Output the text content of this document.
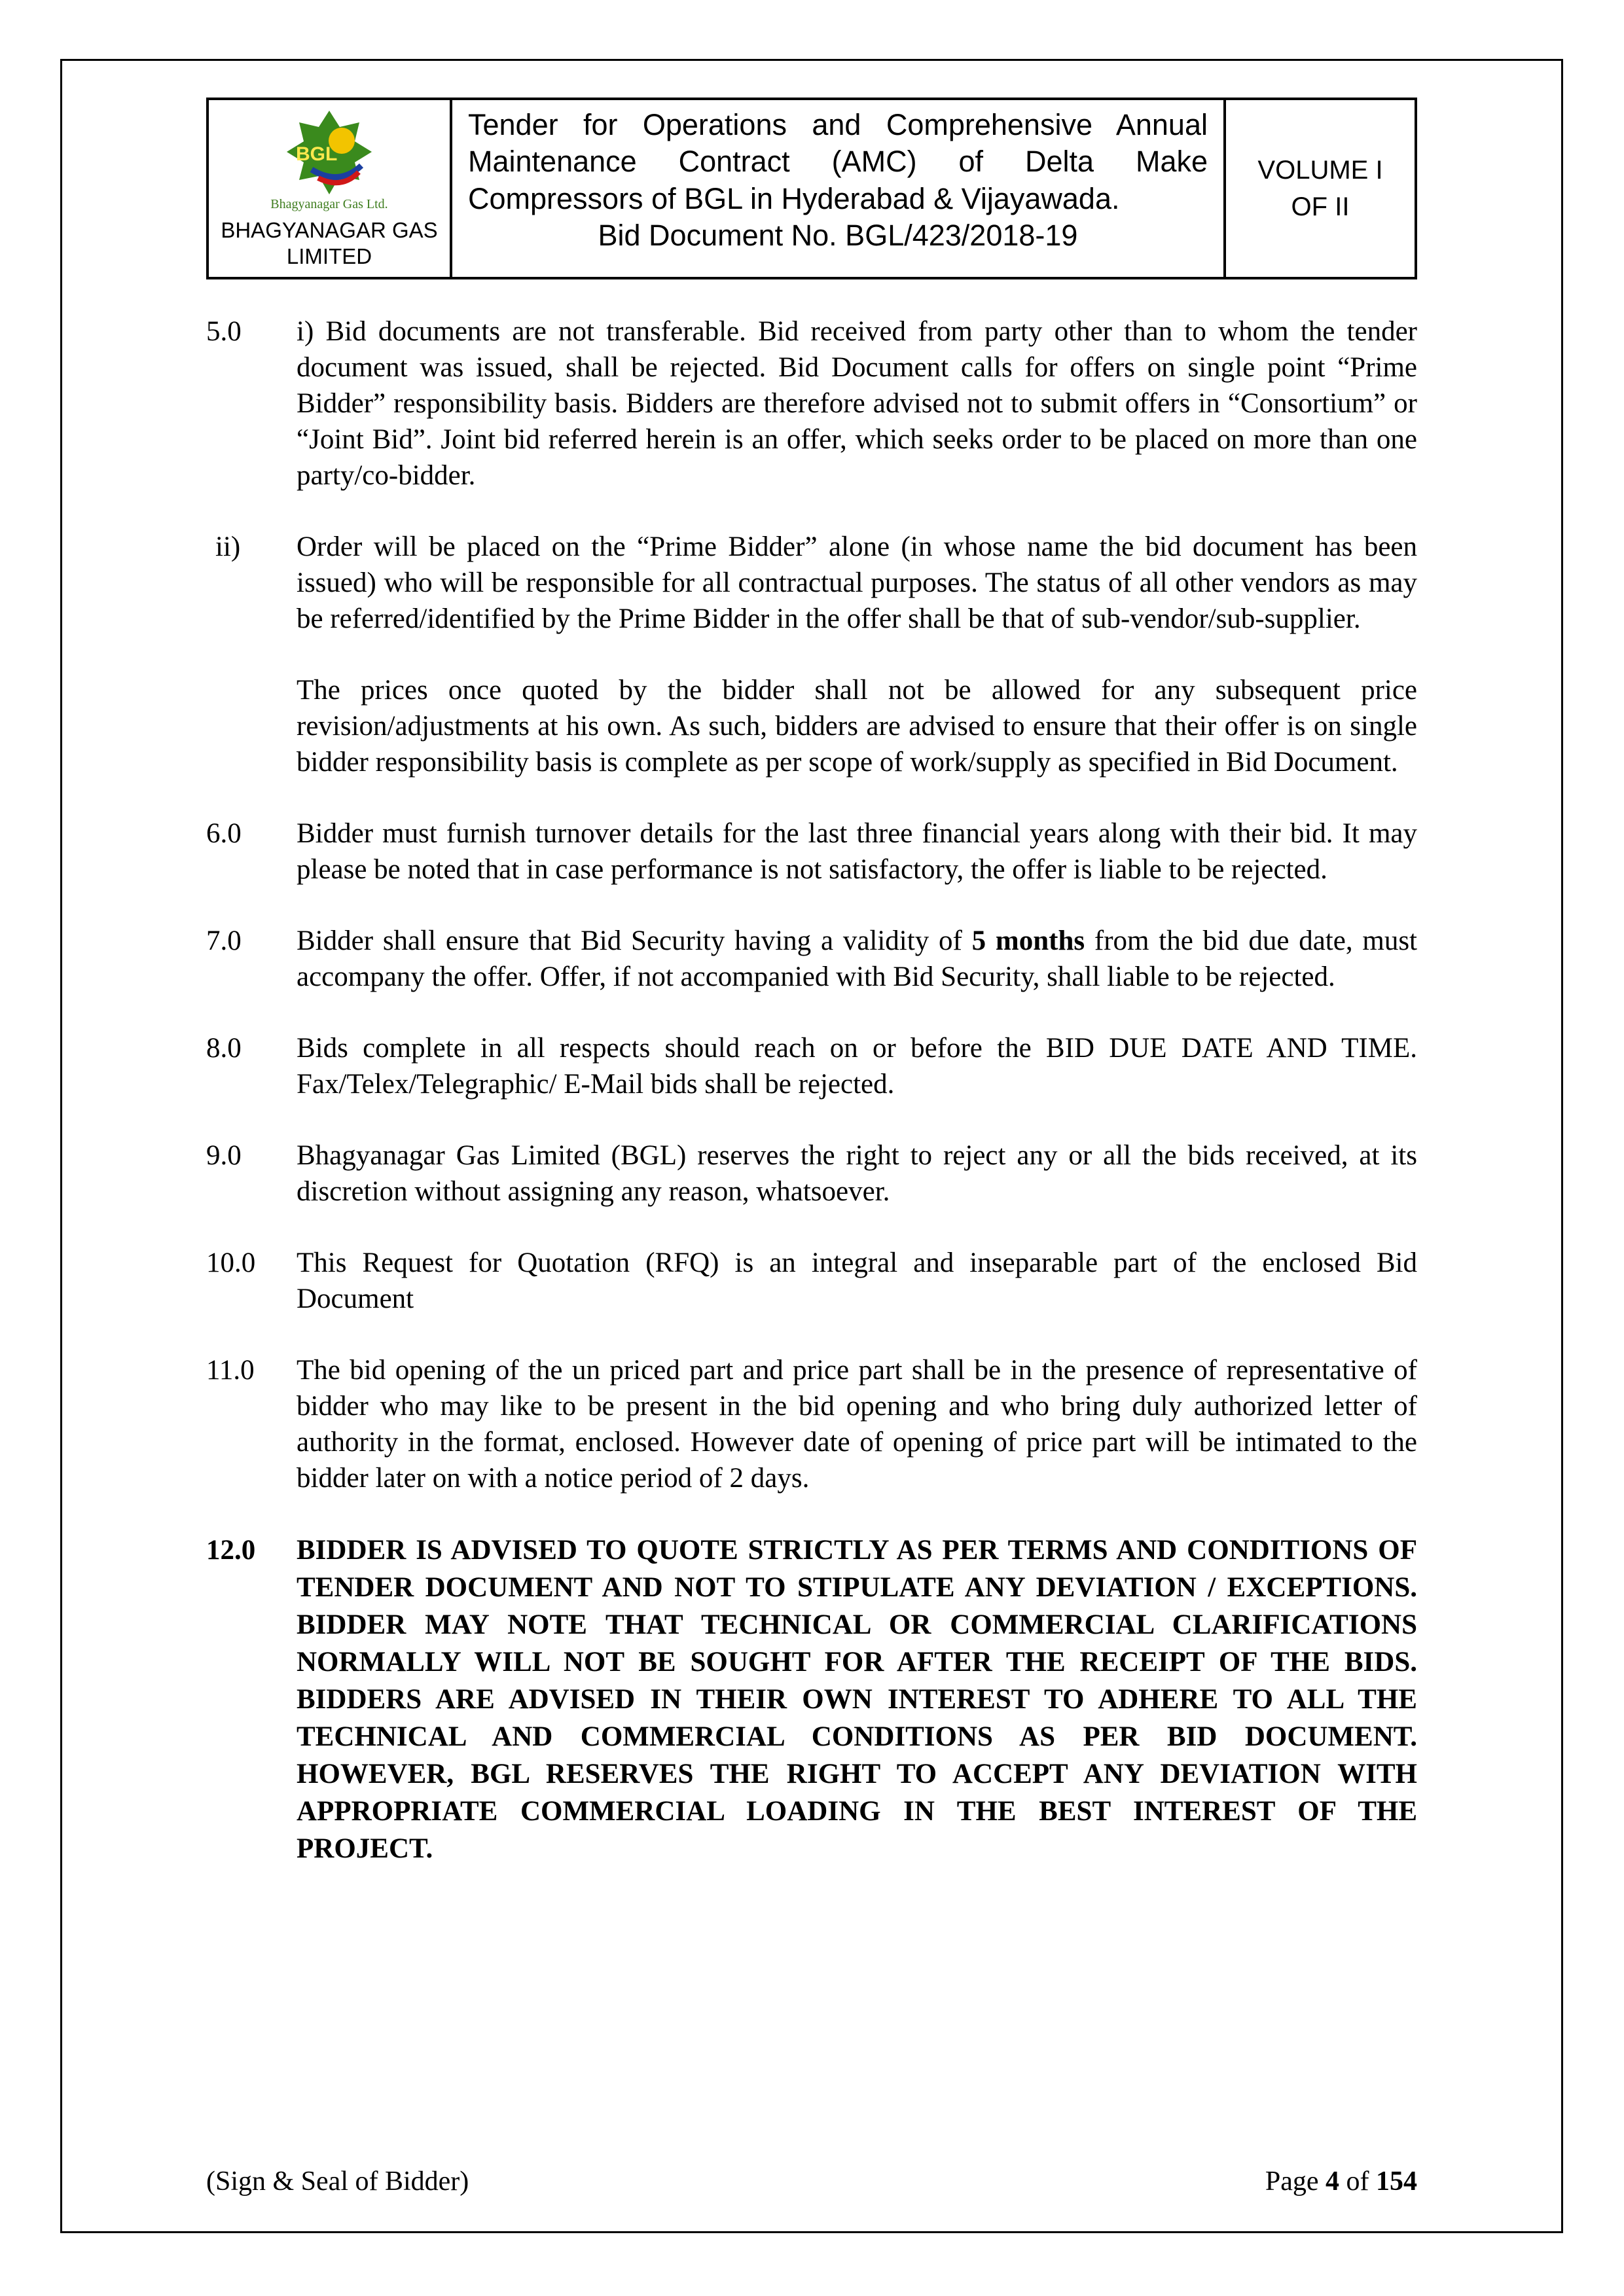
BGL
Bhagyanagar Gas Ltd.
BHAGYANAGAR GAS LIMITED
Tender for Operations and Comprehensive Annual Maintenance Contract (AMC) of Delta Make Compressors of BGL in Hyderabad & Vijayawada.
Bid Document No. BGL/423/2018-19
VOLUME I
OF II
5.0	i) Bid documents are not transferable. Bid received from party other than to whom the tender document was issued, shall be rejected. Bid Document calls for offers on single point “Prime Bidder” responsibility basis. Bidders are therefore advised not to submit offers in “Consortium” or “Joint Bid”. Joint bid referred herein is an offer, which seeks order to be placed on more than one party/co-bidder.
ii)	Order will be placed on the “Prime Bidder” alone (in whose name the bid document has been issued) who will be responsible for all contractual purposes. The status of all other vendors as may be referred/identified by the Prime Bidder in the offer shall be that of sub-vendor/sub-supplier.
The prices once quoted by the bidder shall not be allowed for any subsequent price revision/adjustments at his own. As such, bidders are advised to ensure that their offer is on single bidder responsibility basis is complete as per scope of work/supply as specified in Bid Document.
6.0	Bidder must furnish turnover details for the last three financial years along with their bid. It may please be noted that in case performance is not satisfactory, the offer is liable to be rejected.
7.0	Bidder shall ensure that Bid Security having a validity of 5 months from the bid due date, must accompany the offer. Offer, if not accompanied with Bid Security, shall liable to be rejected.
8.0	Bids complete in all respects should reach on or before the BID DUE DATE AND TIME. Fax/Telex/Telegraphic/ E-Mail bids shall be rejected.
9.0	Bhagyanagar Gas Limited (BGL) reserves the right to reject any or all the bids received, at its discretion without assigning any reason, whatsoever.
10.0	This Request for Quotation (RFQ) is an integral and inseparable part of the enclosed Bid Document
11.0	The bid opening of the un priced part and price part shall be in the presence of representative of bidder who may like to be present in the bid opening and who bring duly authorized letter of authority in the format, enclosed. However date of opening of price part will be intimated to the bidder later on with a notice period of 2 days.
12.0	BIDDER IS ADVISED TO QUOTE STRICTLY AS PER TERMS AND CONDITIONS OF TENDER DOCUMENT AND NOT TO STIPULATE ANY DEVIATION / EXCEPTIONS. BIDDER MAY NOTE THAT TECHNICAL OR COMMERCIAL CLARIFICATIONS NORMALLY WILL NOT BE SOUGHT FOR AFTER THE RECEIPT OF THE BIDS. BIDDERS ARE ADVISED IN THEIR OWN INTEREST TO ADHERE TO ALL THE TECHNICAL AND COMMERCIAL CONDITIONS AS PER BID DOCUMENT. HOWEVER, BGL RESERVES THE RIGHT TO ACCEPT ANY DEVIATION WITH APPROPRIATE COMMERCIAL LOADING IN THE BEST INTEREST OF THE PROJECT.
(Sign & Seal of Bidder)	Page 4 of 154
